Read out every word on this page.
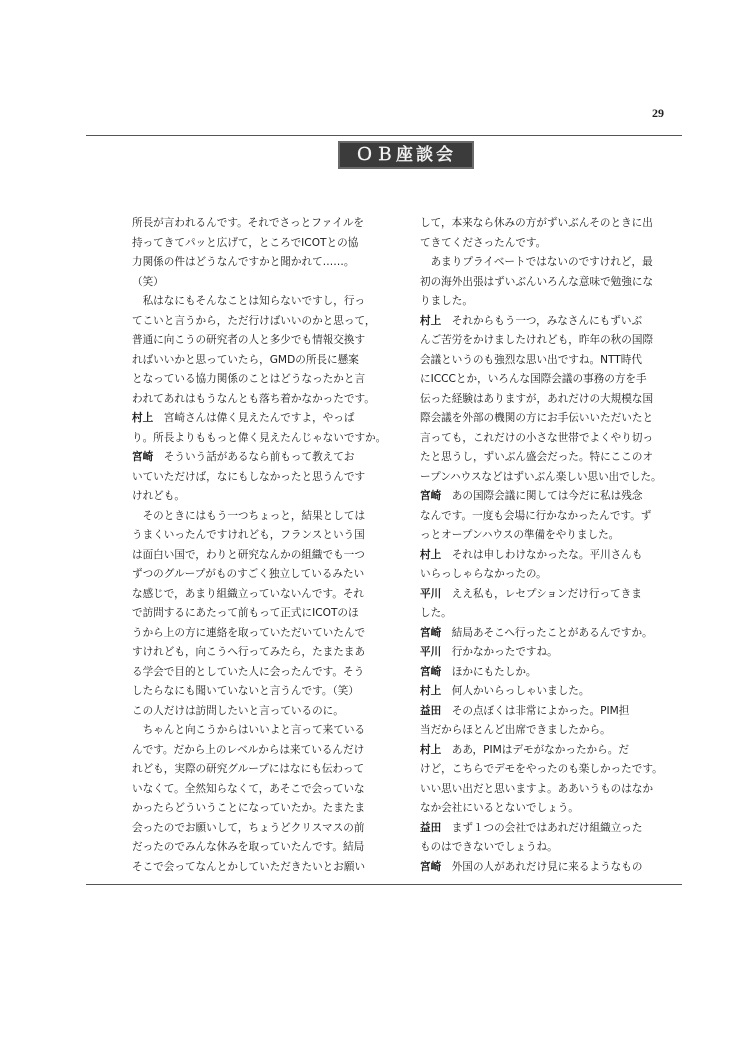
29
ＯＢ座談会
所長が言われるんです。それでさっとファイルを
持ってきてパッと広げて，ところでICOTとの協
力関係の件はどうなんですかと聞かれて……。
（笑）
　私はなにもそんなことは知らないですし，行っ
てこいと言うから，ただ行けばいいのかと思って，
普通に向こうの研究者の人と多少でも情報交換す
ればいいかと思っていたら，GMDの所長に懸案
となっている協力関係のことはどうなったかと言
われてあれはもうなんとも落ち着かなかったです。
村上　宮崎さんは偉く見えたんですよ，やっぱ
り。所長よりももっと偉く見えたんじゃないですか。
宮崎　そういう話があるなら前もって教えてお
いていただけば，なにもしなかったと思うんです
けれども。
　そのときにはもう一つちょっと，結果としては
うまくいったんですけれども，フランスという国
は面白い国で，わりと研究なんかの組織でも一つ
ずつのグループがものすごく独立しているみたい
な感じで，あまり組織立っていないんです。それ
で訪問するにあたって前もって正式にICOTのほ
うから上の方に連絡を取っていただいていたんで
すけれども，向こうへ行ってみたら，たまたまあ
る学会で目的としていた人に会ったんです。そう
したらなにも聞いていないと言うんです。（笑）
この人だけは訪問したいと言っているのに。
　ちゃんと向こうからはいいよと言って来ている
んです。だから上のレベルからは来ているんだけ
れども，実際の研究グループにはなにも伝わって
いなくて。全然知らなくて，あそこで会っていな
かったらどういうことになっていたか。たまたま
会ったのでお願いして，ちょうどクリスマスの前
だったのでみんな休みを取っていたんです。結局
そこで会ってなんとかしていただきたいとお願い
して，本来なら休みの方がずいぶんそのときに出
てきてくださったんです。
　あまりプライベートではないのですけれど，最
初の海外出張はずいぶんいろんな意味で勉強にな
りました。
村上　それからもう一つ，みなさんにもずいぶ
んご苦労をかけましたけれども，昨年の秋の国際
会議というのも強烈な思い出ですね。NTT時代
にICCCとか，いろんな国際会議の事務の方を手
伝った経験はありますが，あれだけの大規模な国
際会議を外部の機関の方にお手伝いいただいたと
言っても，これだけの小さな世帯でよくやり切っ
たと思うし，ずいぶん盛会だった。特にここのオ
ープンハウスなどはずいぶん楽しい思い出でした。
宮崎　あの国際会議に関しては今だに私は残念
なんです。一度も会場に行かなかったんです。ず
っとオープンハウスの準備をやりました。
村上　それは申しわけなかったな。平川さんも
いらっしゃらなかったの。
平川　ええ私も，レセプションだけ行ってきま
した。
宮崎　結局あそこへ行ったことがあるんですか。
平川　行かなかったですね。
宮崎　ほかにもたしか。
村上　何人かいらっしゃいました。
益田　その点ぼくは非常によかった。PIM担
当だからほとんど出席できましたから。
村上　ああ，PIMはデモがなかったから。だ
けど，こちらでデモをやったのも楽しかったです。
いい思い出だと思いますよ。ああいうものはなか
なか会社にいるとないでしょう。
益田　まず１つの会社ではあれだけ組織立った
ものはできないでしょうね。
宮崎　外国の人があれだけ見に来るようなもの
